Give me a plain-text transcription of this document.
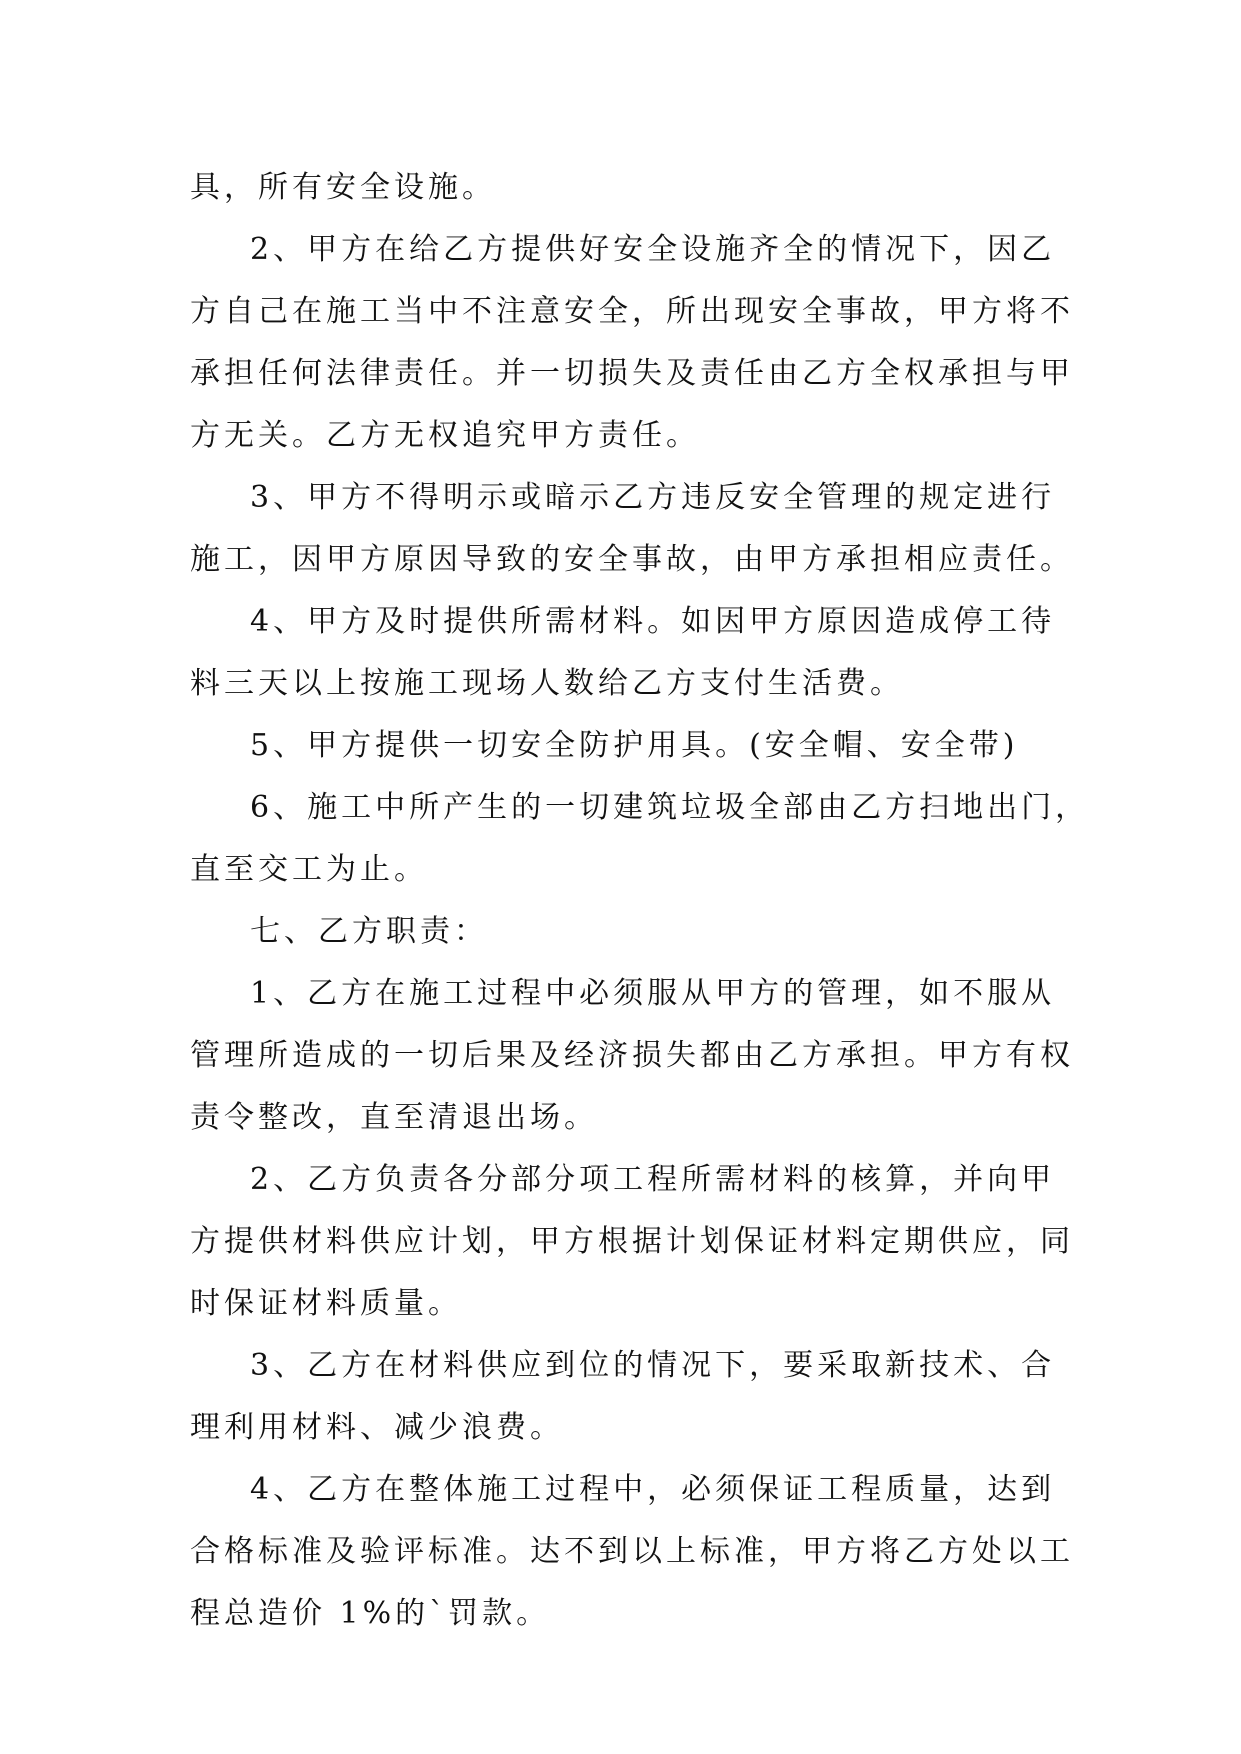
具，所有安全设施。
2、甲方在给乙方提供好安全设施齐全的情况下，因乙
方自己在施工当中不注意安全，所出现安全事故，甲方将不
承担任何法律责任。并一切损失及责任由乙方全权承担与甲
方无关。乙方无权追究甲方责任。
3、甲方不得明示或暗示乙方违反安全管理的规定进行
施工，因甲方原因导致的安全事故，由甲方承担相应责任。
4、甲方及时提供所需材料。如因甲方原因造成停工待
料三天以上按施工现场人数给乙方支付生活费。
5、甲方提供一切安全防护用具。(安全帽、安全带)
6、施工中所产生的一切建筑垃圾全部由乙方扫地出门，
直至交工为止。
七、乙方职责：
1、乙方在施工过程中必须服从甲方的管理，如不服从
管理所造成的一切后果及经济损失都由乙方承担。甲方有权
责令整改，直至清退出场。
2、乙方负责各分部分项工程所需材料的核算，并向甲
方提供材料供应计划，甲方根据计划保证材料定期供应，同
时保证材料质量。
3、乙方在材料供应到位的情况下，要采取新技术、合
理利用材料、减少浪费。
4、乙方在整体施工过程中，必须保证工程质量，达到
合格标准及验评标准。达不到以上标准，甲方将乙方处以工
程总造价 1%的`罚款。
